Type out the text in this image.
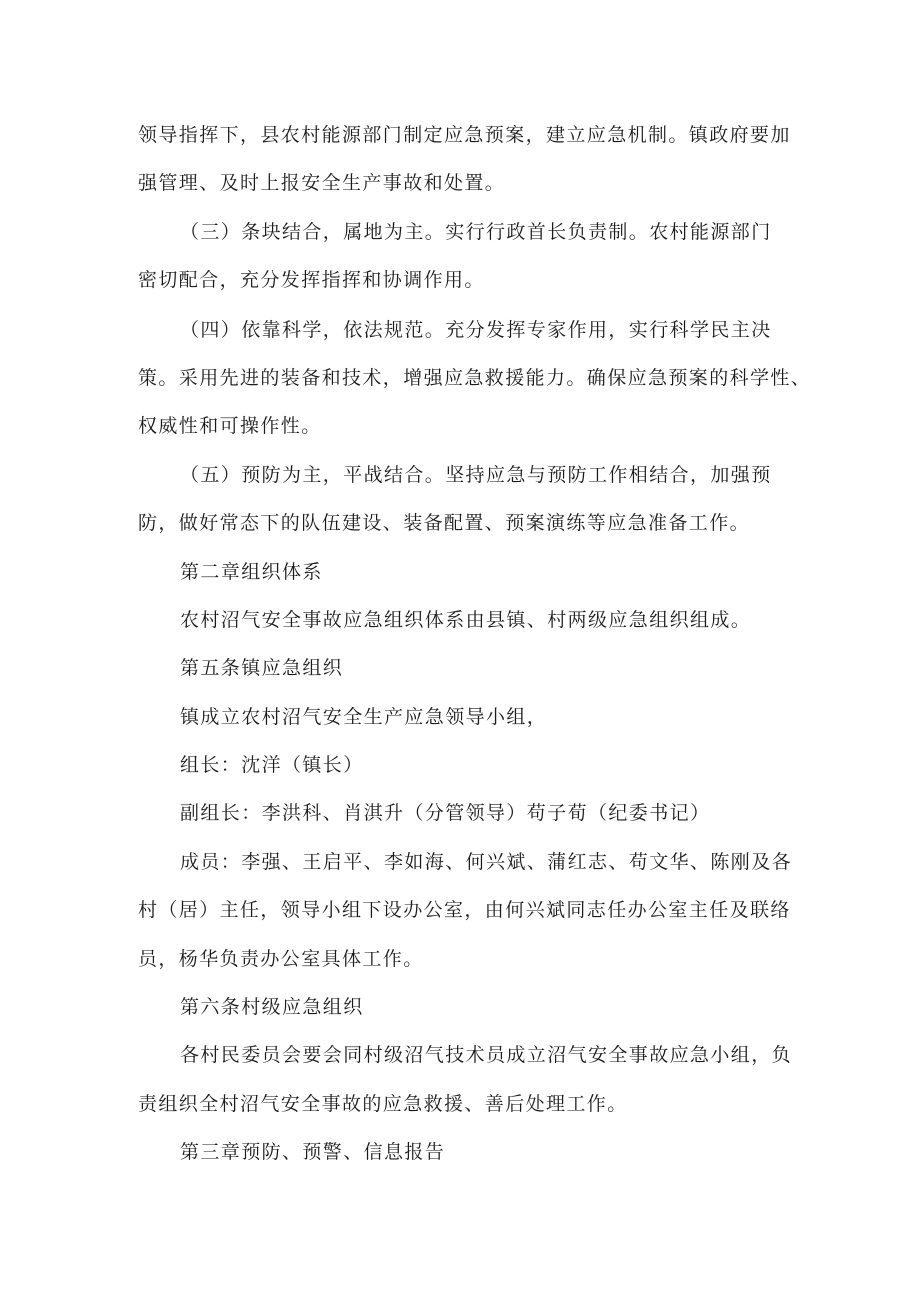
领导指挥下，县农村能源部门制定应急预案，建立应急机制。镇政府要加
强管理、及时上报安全生产事故和处置。
（三）条块结合，属地为主。实行行政首长负责制。农村能源部门
密切配合，充分发挥指挥和协调作用。
（四）依靠科学，依法规范。充分发挥专家作用，实行科学民主决
策。采用先进的装备和技术，增强应急救援能力。确保应急预案的科学性、
权威性和可操作性。
（五）预防为主，平战结合。坚持应急与预防工作相结合，加强预
防，做好常态下的队伍建设、装备配置、预案演练等应急准备工作。
第二章组织体系
农村沼气安全事故应急组织体系由县镇、村两级应急组织组成。
第五条镇应急组织
镇成立农村沼气安全生产应急领导小组，
组长：沈洋（镇长）
副组长：李洪科、肖淇升（分管领导）苟子荀（纪委书记）
成员：李强、王启平、李如海、何兴斌、蒲红志、苟文华、陈刚及各
村（居）主任，领导小组下设办公室，由何兴斌同志任办公室主任及联络
员，杨华负责办公室具体工作。
第六条村级应急组织
各村民委员会要会同村级沼气技术员成立沼气安全事故应急小组，负
责组织全村沼气安全事故的应急救援、善后处理工作。
第三章预防、预警、信息报告
